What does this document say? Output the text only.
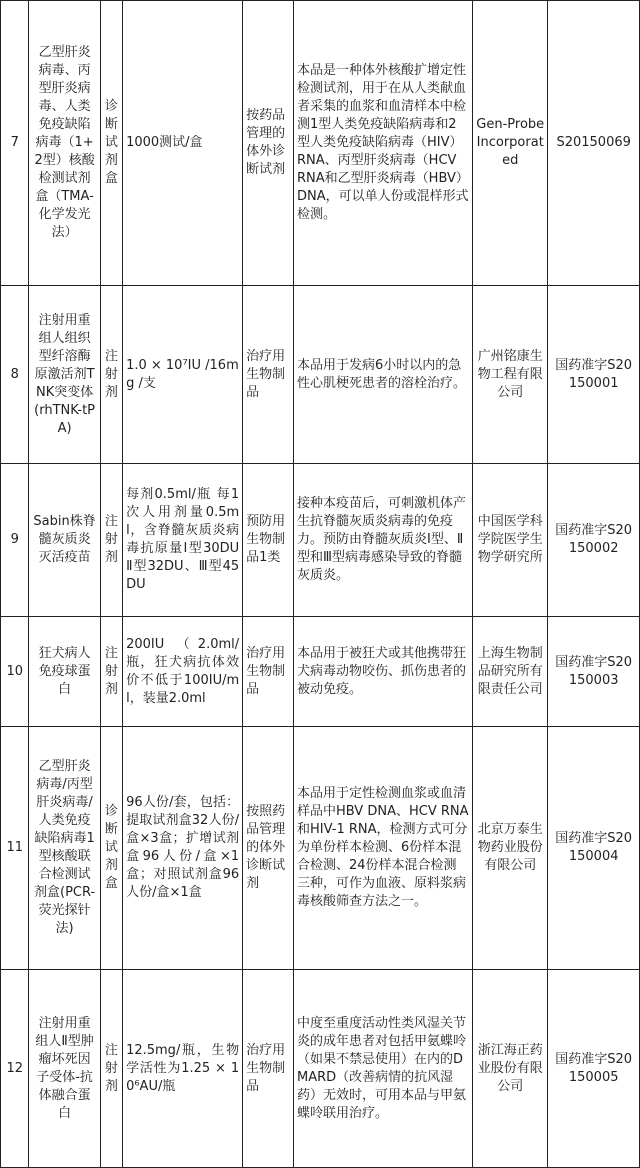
7	乙型肝炎病毒、丙型肝炎病毒、人类免疫缺陷病毒（1+2型）核酸检测试剂盒（TMA-化学发光法）	诊断试剂盒	1000测试/盒	按药品管理的体外诊断试剂	本品是一种体外核酸扩增定性检测试剂，用于在从人类献血者采集的血浆和血清样本中检测1型人类免疫缺陷病毒和2型人类免疫缺陷病毒（HIV）RNA、丙型肝炎病毒（HCV RNA和乙型肝炎病毒（HBV）DNA，可以单人份或混样形式检测。	Gen-Probe Incorporated	S20150069
8	注射用重组人组织型纤溶酶原激活剂TNK突变体(rhTNK-tPA)	注射剂	1.0 × 10⁷IU /16mg /支	治疗用生物制品	本品用于发病6小时以内的急性心肌梗死患者的溶栓治疗。	广州铭康生物工程有限公司	国药准字S20150001
9	Sabin株脊髓灰质炎灭活疫苗	注射剂	每剂0.5ml/瓶 每1次人用剂量0.5ml，含脊髓灰质炎病毒抗原量Ⅰ型30DU Ⅱ型32DU、Ⅲ型45DU	预防用生物制品1类	接种本疫苗后，可刺激机体产生抗脊髓灰质炎病毒的免疫力。预防由脊髓灰质炎Ⅰ型、Ⅱ型和Ⅲ型病毒感染导致的脊髓灰质炎。	中国医学科学院医学生物学研究所	国药准字S20150002
10	狂犬病人免疫球蛋白	注射剂	200IU （2.0ml/瓶，狂犬病抗体效价不低于100IU/ml，装量2.0ml	治疗用生物制品	本品用于被狂犬或其他携带狂犬病毒动物咬伤、抓伤患者的被动免疫。	上海生物制品研究所有限责任公司	国药准字S20150003
11	乙型肝炎病毒/丙型肝炎病毒/人类免疫缺陷病毒1型核酸联合检测试剂盒(PCR-荧光探针法)	诊断试剂盒	96人份/套，包括：提取试剂盒32人份/盒×3盒；扩增试剂盒96人份/盒×1盒；对照试剂盒96人份/盒×1盒	按照药品管理的体外诊断试剂	本品用于定性检测血浆或血清样品中HBV DNA、HCV RNA和HIV-1 RNA，检测方式可分为单份样本检测、6份样本混合检测、24份样本混合检测三种，可作为血液、原料浆病毒核酸筛查方法之一。	北京万泰生物药业股份有限公司	国药准字S20150004
12	注射用重组人Ⅱ型肿瘤坏死因子受体-抗体融合蛋白	注射剂	12.5mg/瓶，生物学活性为1.25 × 10⁶AU/瓶	治疗用生物制品	中度至重度活动性类风湿关节炎的成年患者对包括甲氨蝶呤（如果不禁忌使用）在内的DMARD（改善病情的抗风湿药）无效时，可用本品与甲氨蝶呤联用治疗。	浙江海正药业股份有限公司	国药准字S20150005
